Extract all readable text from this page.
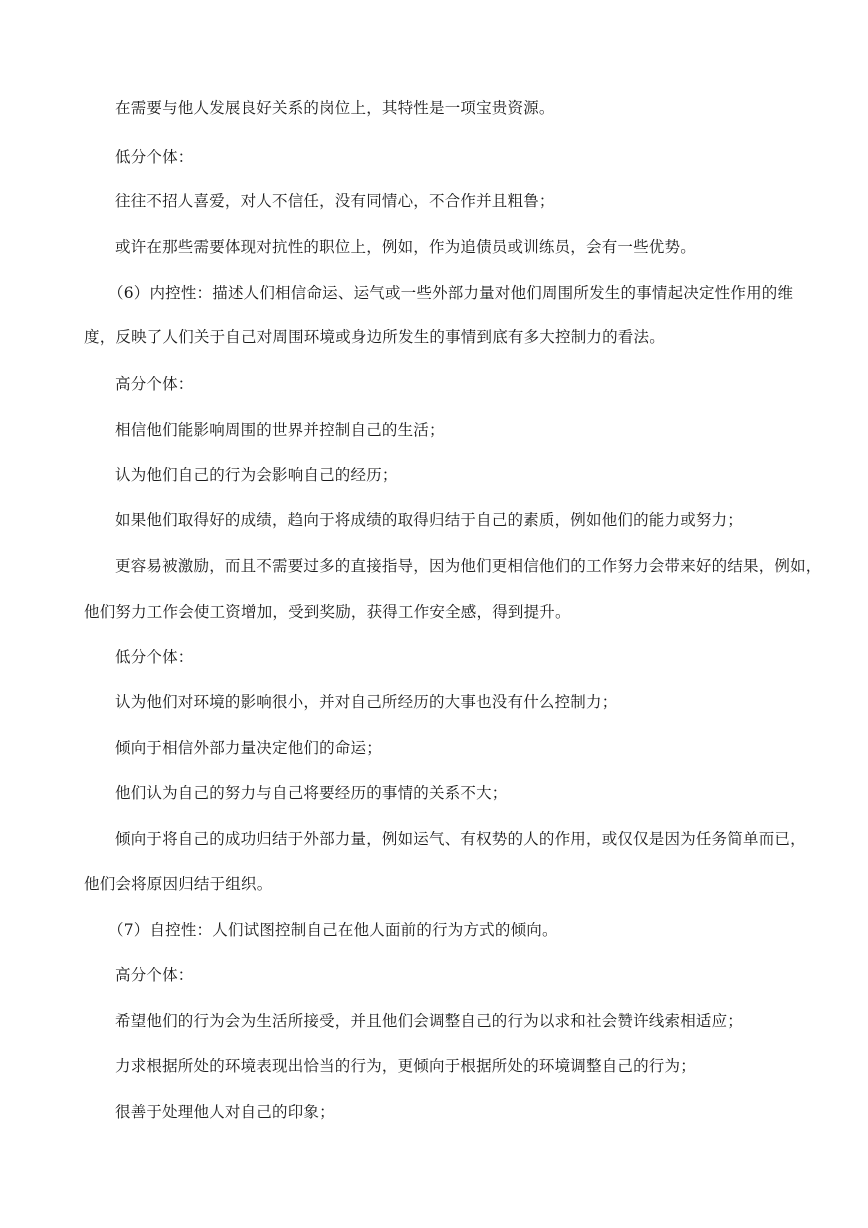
在需要与他人发展良好关系的岗位上，其特性是一项宝贵资源。
低分个体：
往往不招人喜爱，对人不信任，没有同情心，不合作并且粗鲁；
或许在那些需要体现对抗性的职位上，例如，作为追债员或训练员，会有一些优势。
（6）内控性：描述人们相信命运、运气或一些外部力量对他们周围所发生的事情起决定性作用的维
度，反映了人们关于自己对周围环境或身边所发生的事情到底有多大控制力的看法。
高分个体：
相信他们能影响周围的世界并控制自己的生活；
认为他们自己的行为会影响自己的经历；
如果他们取得好的成绩，趋向于将成绩的取得归结于自己的素质，例如他们的能力或努力；
更容易被激励，而且不需要过多的直接指导，因为他们更相信他们的工作努力会带来好的结果，例如，
他们努力工作会使工资增加，受到奖励，获得工作安全感，得到提升。
低分个体：
认为他们对环境的影响很小，并对自己所经历的大事也没有什么控制力；
倾向于相信外部力量决定他们的命运；
他们认为自己的努力与自己将要经历的事情的关系不大；
倾向于将自己的成功归结于外部力量，例如运气、有权势的人的作用，或仅仅是因为任务简单而已，
他们会将原因归结于组织。
（7）自控性：人们试图控制自己在他人面前的行为方式的倾向。
高分个体：
希望他们的行为会为生活所接受，并且他们会调整自己的行为以求和社会赞许线索相适应；
力求根据所处的环境表现出恰当的行为，更倾向于根据所处的环境调整自己的行为；
很善于处理他人对自己的印象；
